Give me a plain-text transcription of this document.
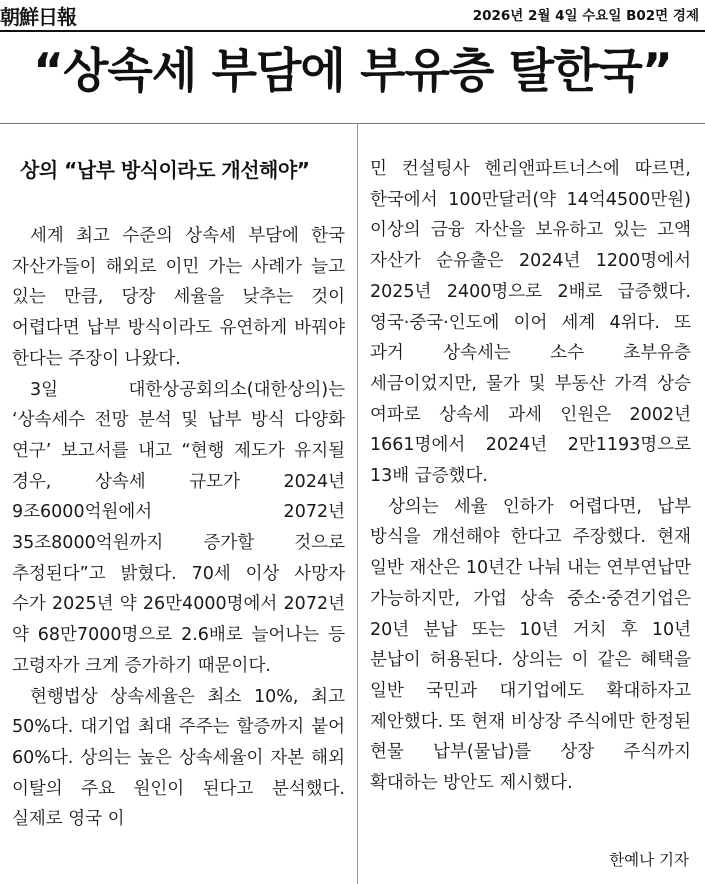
朝鮮日報	2026년 2월 4일 수요일 B02면 경제
“상속세 부담에 부유층 탈한국”
상의 “납부 방식이라도 개선해야”

세계 최고 수준의 상속세 부담에 한국 자산가들이 해외로 이민 가는 사례가 늘고 있는 만큼, 당장 세율을 낮추는 것이 어렵다면 납부 방식이라도 유연하게 바꿔야 한다는 주장이 나왔다.

3일 대한상공회의소(대한상의)는 ‘상속세수 전망 분석 및 납부 방식 다양화 연구’ 보고서를 내고 “현행 제도가 유지될 경우, 상속세 규모가 2024년 9조6000억원에서 2072년 35조8000억원까지 증가할 것으로 추정된다”고 밝혔다. 70세 이상 사망자 수가 2025년 약 26만4000명에서 2072년 약 68만7000명으로 2.6배로 늘어나는 등 고령자가 크게 증가하기 때문이다.

현행법상 상속세율은 최소 10%, 최고 50%다. 대기업 최대 주주는 할증까지 붙어 60%다. 상의는 높은 상속세율이 자본 해외 이탈의 주요 원인이 된다고 분석했다. 실제로 영국 이

민 컨설팅사 헨리앤파트너스에 따르면, 한국에서 100만달러(약 14억4500만원) 이상의 금융 자산을 보유하고 있는 고액 자산가 순유출은 2024년 1200명에서 2025년 2400명으로 2배로 급증했다. 영국·중국·인도에 이어 세계 4위다. 또 과거 상속세는 소수 초부유층 세금이었지만, 물가 및 부동산 가격 상승 여파로 상속세 과세 인원은 2002년 1661명에서 2024년 2만1193명으로 13배 급증했다.

상의는 세율 인하가 어렵다면, 납부 방식을 개선해야 한다고 주장했다. 현재 일반 재산은 10년간 나눠 내는 연부연납만 가능하지만, 가업 상속 중소·중견기업은 20년 분납 또는 10년 거치 후 10년 분납이 허용된다. 상의는 이 같은 혜택을 일반 국민과 대기업에도 확대하자고 제안했다. 또 현재 비상장 주식에만 한정된 현물 납부(물납)를 상장 주식까지 확대하는 방안도 제시했다.

한예나 기자
